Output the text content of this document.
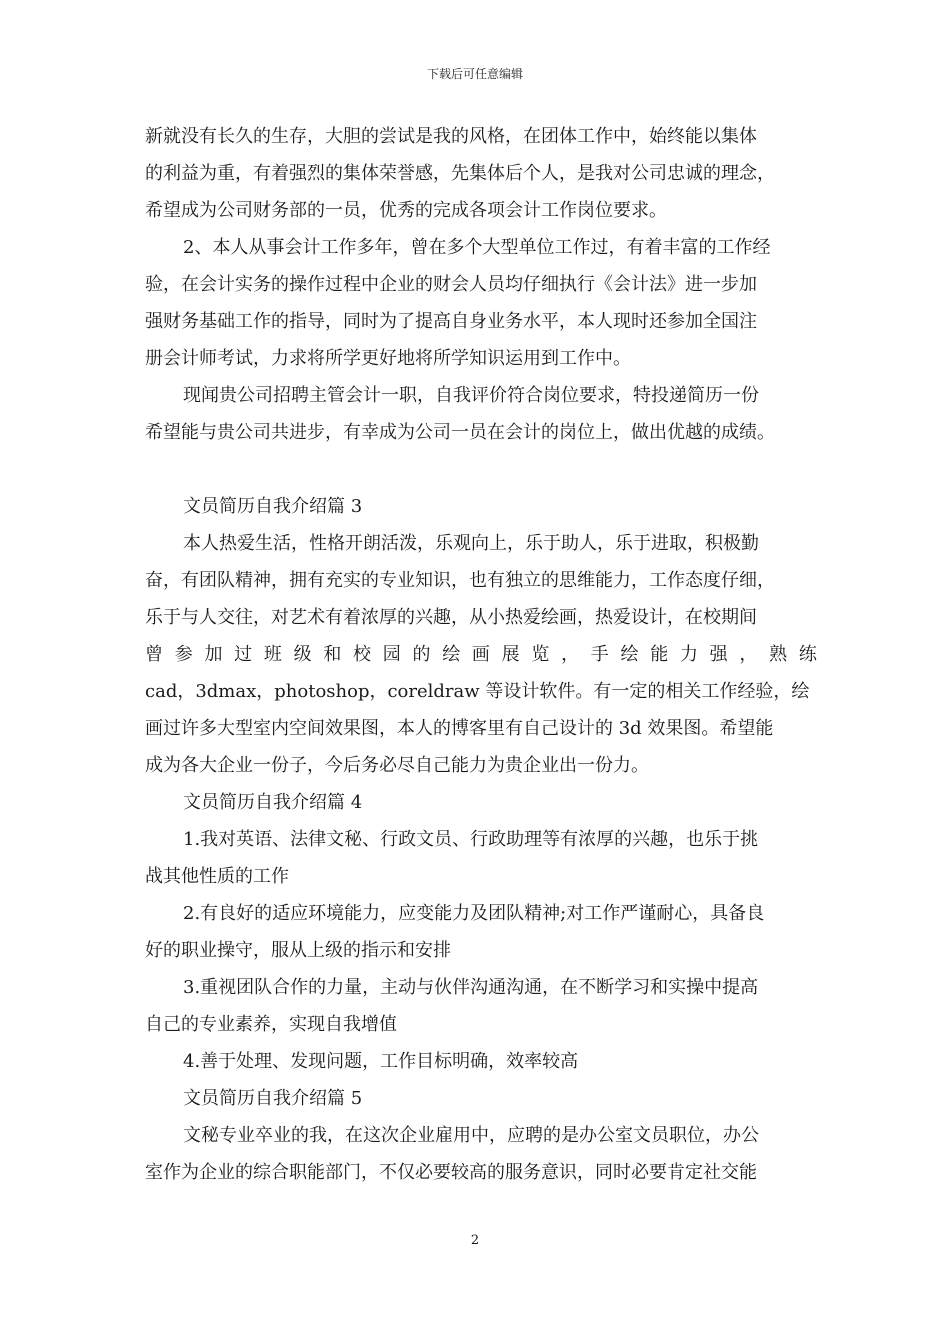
下载后可任意编辑
新就没有长久的生存，大胆的尝试是我的风格，在团体工作中，始终能以集体
的利益为重，有着强烈的集体荣誉感，先集体后个人，是我对公司忠诚的理念，
希望成为公司财务部的一员，优秀的完成各项会计工作岗位要求。
2、本人从事会计工作多年，曾在多个大型单位工作过，有着丰富的工作经
验，在会计实务的操作过程中企业的财会人员均仔细执行《会计法》进一步加
强财务基础工作的指导，同时为了提高自身业务水平，本人现时还参加全国注
册会计师考试，力求将所学更好地将所学知识运用到工作中。
现闻贵公司招聘主管会计一职，自我评价符合岗位要求，特投递简历一份
希望能与贵公司共进步，有幸成为公司一员在会计的岗位上，做出优越的成绩。
文员简历自我介绍篇 3
本人热爱生活，性格开朗活泼，乐观向上，乐于助人，乐于进取，积极勤
奋，有团队精神，拥有充实的专业知识，也有独立的思维能力，工作态度仔细，
乐于与人交往，对艺术有着浓厚的兴趣，从小热爱绘画，热爱设计，在校期间
曾 参 加 过 班 级 和 校 园 的 绘 画 展 览 ， 手 绘 能 力 强 ， 熟 练
cad，3dmax，photoshop，coreldraw 等设计软件。有一定的相关工作经验，绘
画过许多大型室内空间效果图，本人的博客里有自己设计的 3d 效果图。希望能
成为各大企业一份子，今后务必尽自己能力为贵企业出一份力。
文员简历自我介绍篇 4
1.我对英语、法律文秘、行政文员、行政助理等有浓厚的兴趣，也乐于挑
战其他性质的工作
2.有良好的适应环境能力，应变能力及团队精神;对工作严谨耐心，具备良
好的职业操守，服从上级的指示和安排
3.重视团队合作的力量，主动与伙伴沟通沟通，在不断学习和实操中提高
自己的专业素养，实现自我增值
4.善于处理、发现问题，工作目标明确，效率较高
文员简历自我介绍篇 5
文秘专业卒业的我，在这次企业雇用中，应聘的是办公室文员职位，办公
室作为企业的综合职能部门，不仅必要较高的服务意识，同时必要肯定社交能
2
